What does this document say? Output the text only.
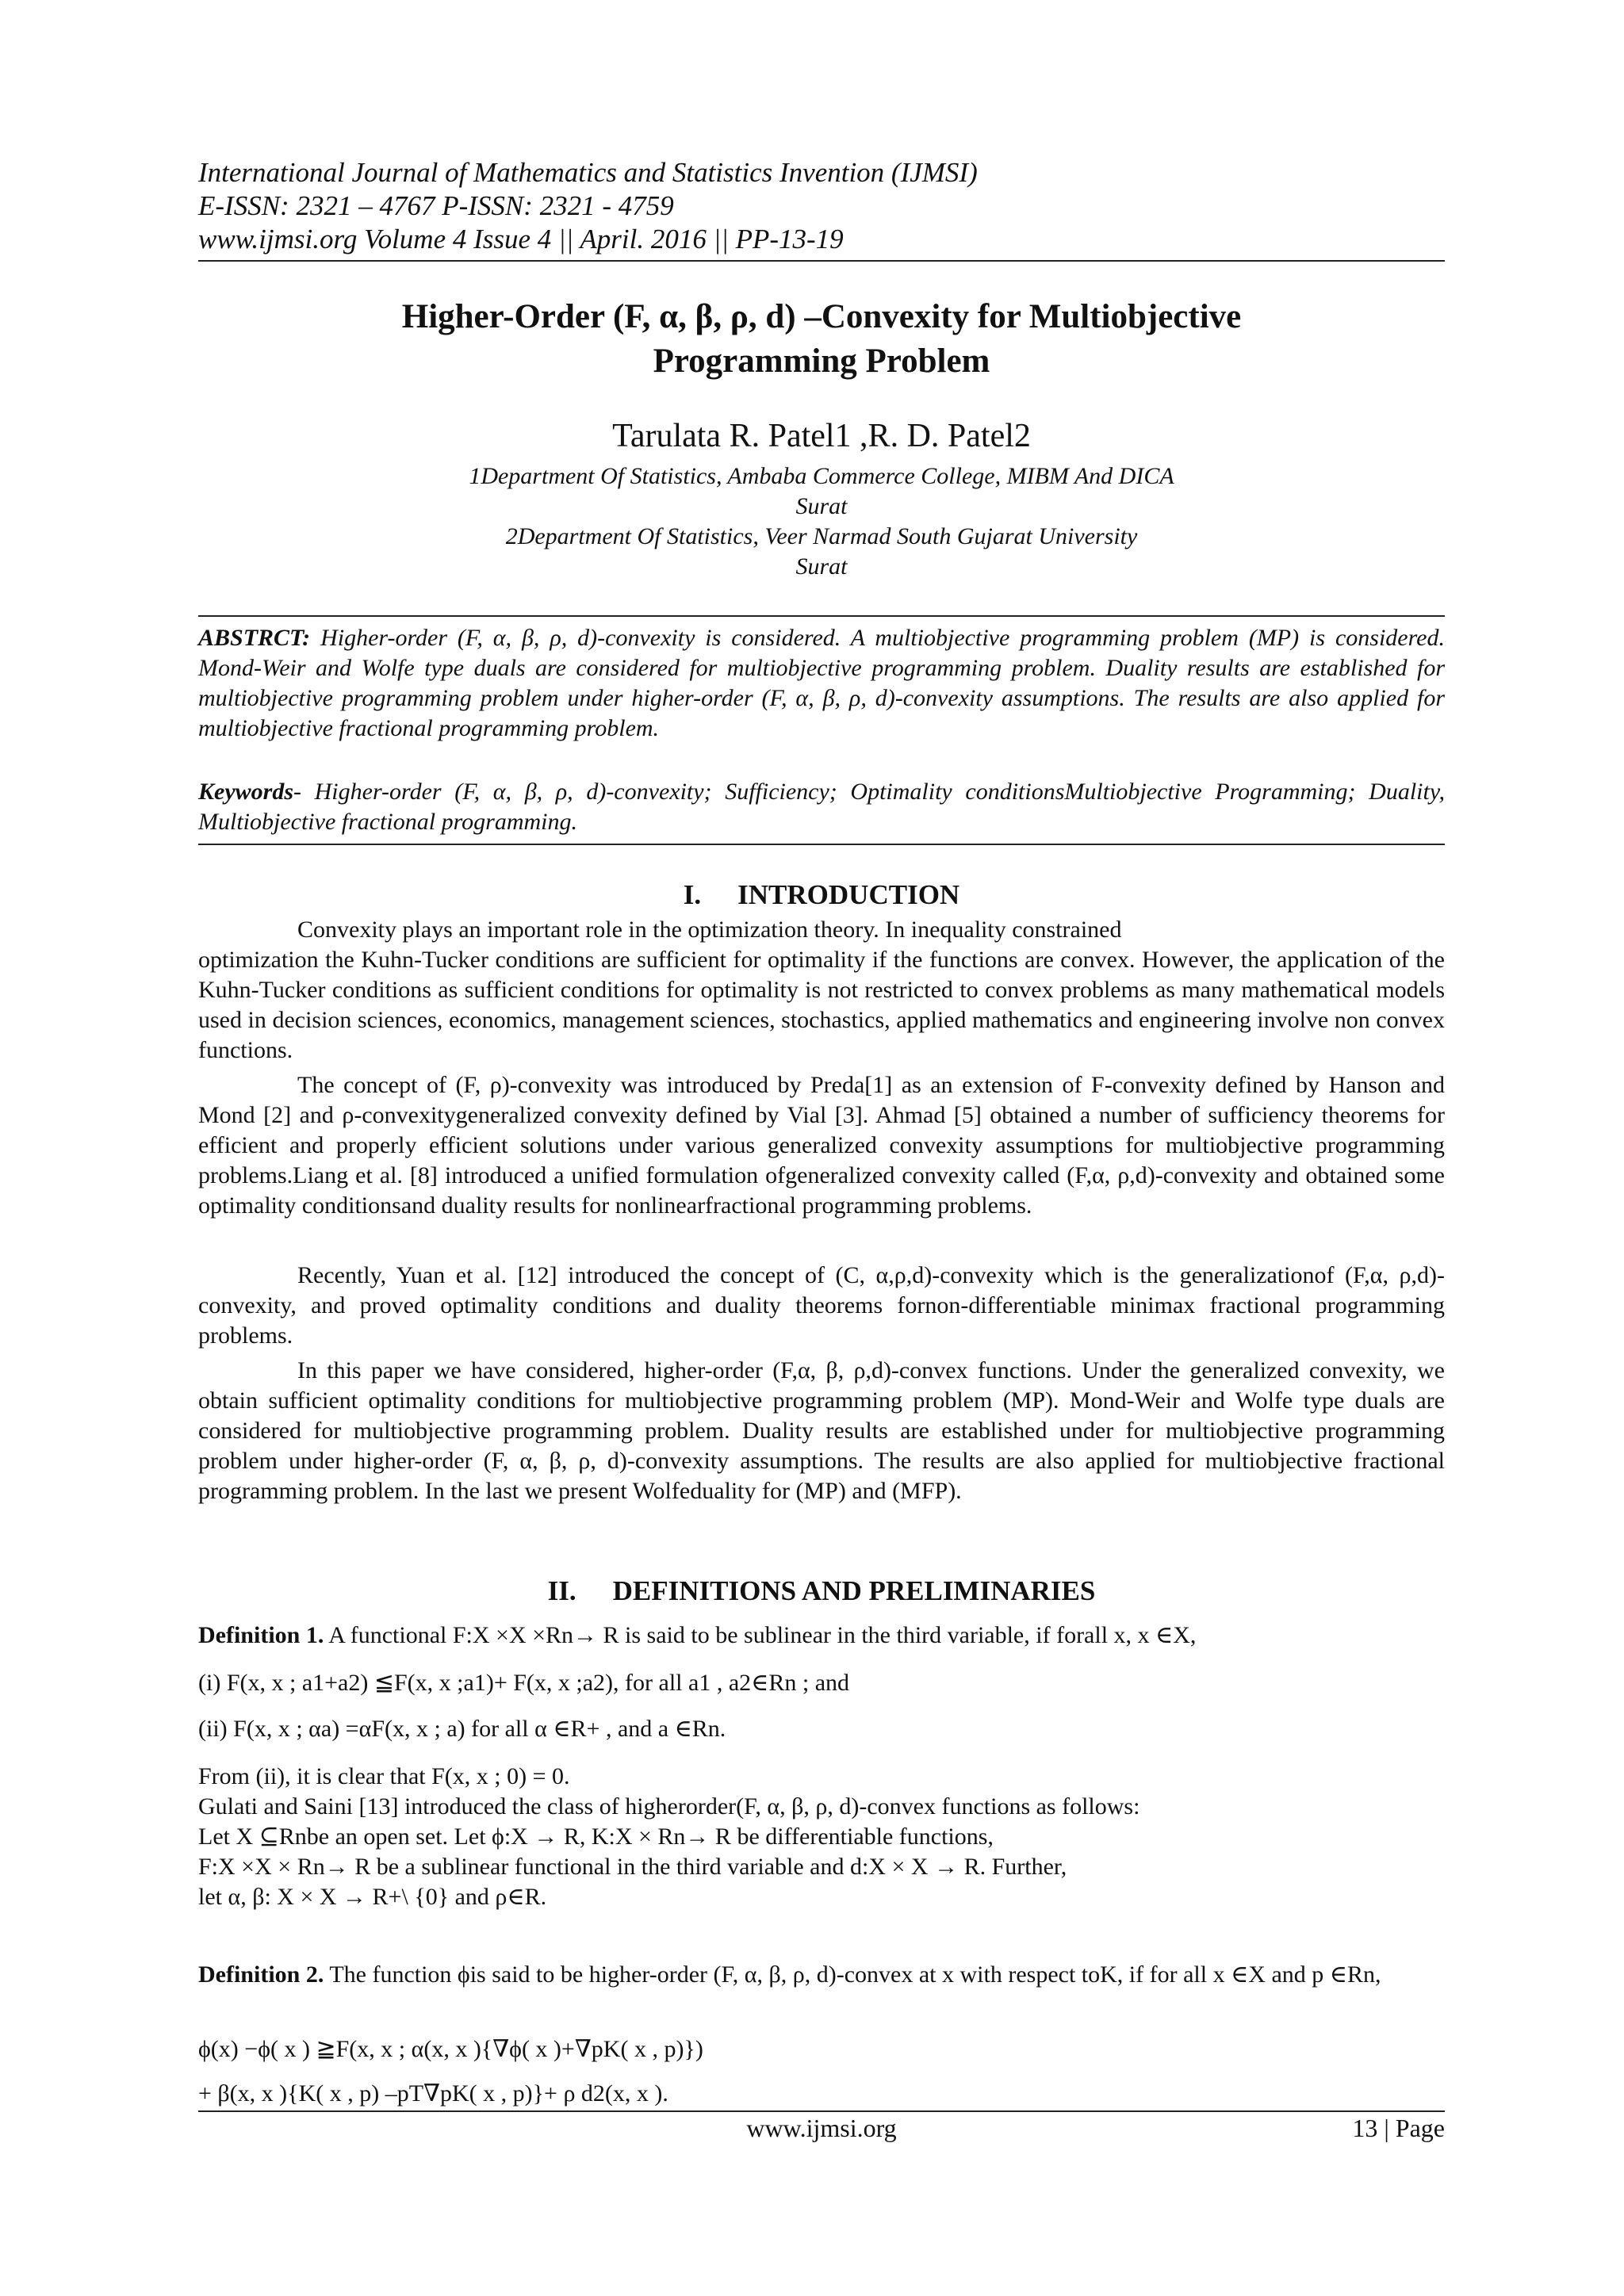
International Journal of Mathematics and Statistics Invention (IJMSI)
E-ISSN: 2321 – 4767 P-ISSN: 2321 - 4759
www.ijmsi.org Volume 4 Issue 4 || April. 2016 || PP-13-19
Higher-Order (F, α, β, ρ, d) –Convexity for Multiobjective
Programming Problem
Tarulata R. Patel1 ,R. D. Patel2
1Department Of Statistics, Ambaba Commerce College, MIBM And DICA
Surat
2Department Of Statistics, Veer Narmad South Gujarat University
Surat
ABSTRCT: Higher-order (F, α, β, ρ, d)-convexity is considered. A multiobjective programming problem (MP) is considered. Mond-Weir and Wolfe type duals are considered for multiobjective programming problem. Duality results are established for multiobjective programming problem under higher-order (F, α, β, ρ, d)-convexity assumptions. The results are also applied for multiobjective fractional programming problem.
Keywords- Higher-order (F, α, β, ρ, d)-convexity; Sufficiency; Optimality conditionsMultiobjective Programming; Duality, Multiobjective fractional programming.
I. INTRODUCTION
Convexity plays an important role in the optimization theory. In inequality constrained
optimization the Kuhn-Tucker conditions are sufficient for optimality if the functions are convex. However, the application of the Kuhn-Tucker conditions as sufficient conditions for optimality is not restricted to convex problems as many mathematical models used in decision sciences, economics, management sciences, stochastics, applied mathematics and engineering involve non convex functions.
The concept of (F, ρ)-convexity was introduced by Preda[1] as an extension of F-convexity defined by Hanson and Mond [2] and ρ-convexitygeneralized convexity defined by Vial [3]. Ahmad [5] obtained a number of sufficiency theorems for efficient and properly efficient solutions under various generalized convexity assumptions for multiobjective programming problems.Liang et al. [8] introduced a unified formulation ofgeneralized convexity called (F,α, ρ,d)-convexity and obtained some optimality conditionsand duality results for nonlinearfractional programming problems.
Recently, Yuan et al. [12] introduced the concept of (C, α,ρ,d)-convexity which is the generalizationof (F,α, ρ,d)-convexity, and proved optimality conditions and duality theorems fornon-differentiable minimax fractional programming problems.
In this paper we have considered, higher-order (F,α, β, ρ,d)-convex functions. Under the generalized convexity, we obtain sufficient optimality conditions for multiobjective programming problem (MP). Mond-Weir and Wolfe type duals are considered for multiobjective programming problem. Duality results are established under for multiobjective programming problem under higher-order (F, α, β, ρ, d)-convexity assumptions. The results are also applied for multiobjective fractional programming problem. In the last we present Wolfeduality for (MP) and (MFP).
II. DEFINITIONS AND PRELIMINARIES
Definition 1. A functional F:X ×X ×Rn→ R is said to be sublinear in the third variable, if forall x, x ∈X,
(i) F(x, x ; a1+a2) ≦F(x, x ;a1)+ F(x, x ;a2), for all a1 , a2∈Rn ; and
(ii) F(x, x ; αa) =αF(x, x ; a) for all α ∈R+ , and a ∈Rn.
From (ii), it is clear that F(x, x ; 0) = 0.
Gulati and Saini [13] introduced the class of higherorder(F, α, β, ρ, d)-convex functions as follows:
Let X ⊆Rnbe an open set. Let ϕ:X → R, K:X × Rn→ R be differentiable functions,
F:X ×X × Rn→ R be a sublinear functional in the third variable and d:X × X → R. Further,
let α, β: X × X → R+\ {0} and ρ∈R.
Definition 2. The function ϕis said to be higher-order (F, α, β, ρ, d)-convex at x with respect toK, if for all x ∈X and p ∈Rn,
ϕ(x) −ϕ( x ) ≧F(x, x ; α(x, x ){∇ϕ( x )+∇pK( x , p)})
+ β(x, x ){K( x , p) –pT∇pK( x , p)}+ ρ d2(x, x ).
www.ijmsi.org	13 | Page
